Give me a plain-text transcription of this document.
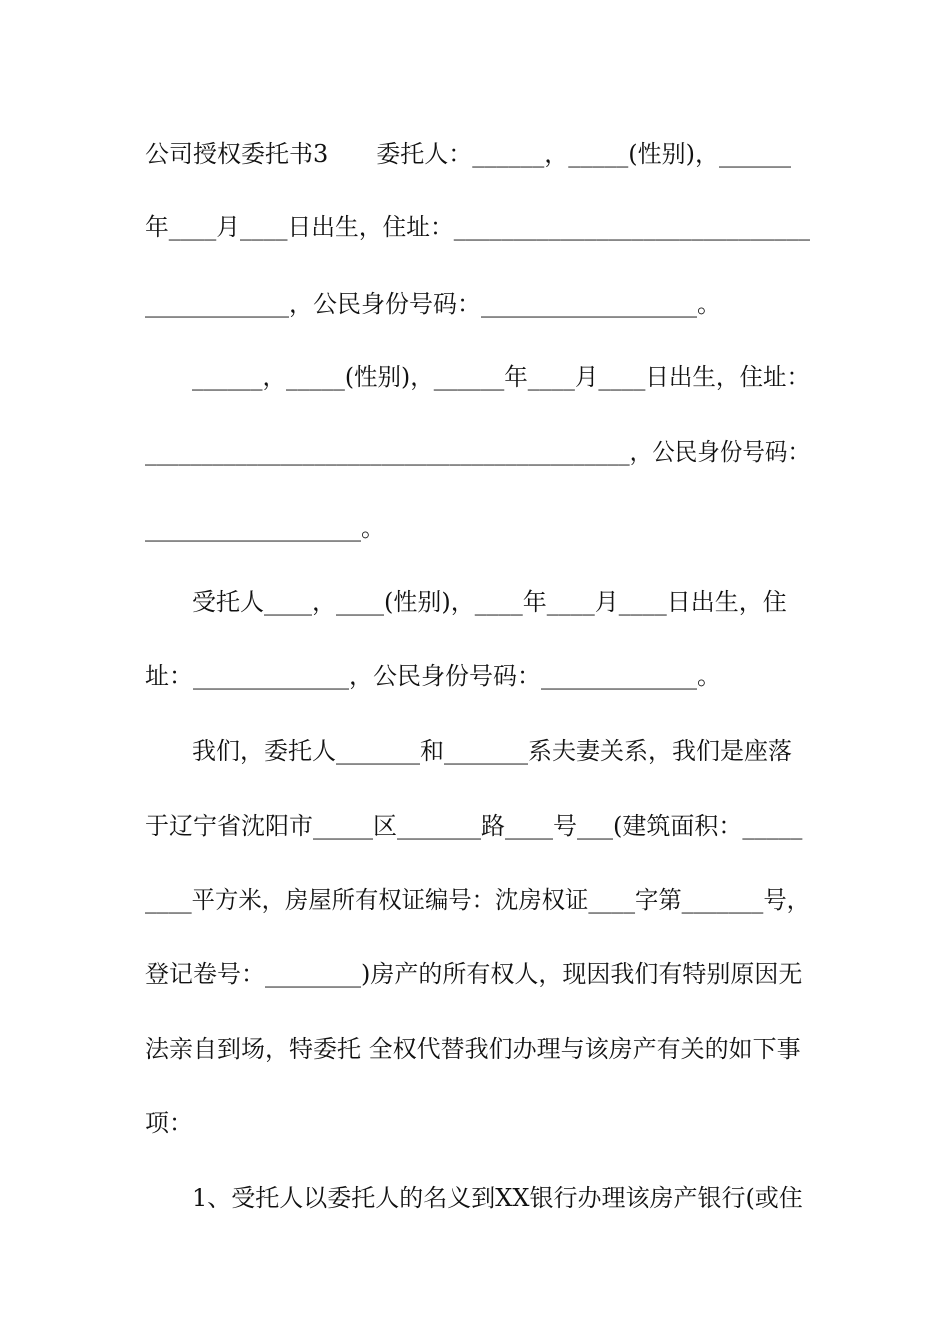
公司授权委托书3　　委托人：______，_____(性别)，______
年____月____日出生，住址：______________________________
____________，公民身份号码：__________________。
______，_____(性别)，______年____月____日出生，住址：
___________________________________________，公民身份号码：
__________________。
受托人____，____(性别)，____年____月____日出生，住
址：_____________，公民身份号码：_____________。
我们，委托人_______和_______系夫妻关系，我们是座落
于辽宁省沈阳市_____区_______路____号___(建筑面积：_____
____平方米，房屋所有权证编号：沈房权证____字第_______号，
登记卷号：________)房产的所有权人，现因我们有特别原因无
法亲自到场，特委托 全权代替我们办理与该房产有关的如下事
项：
1、受托人以委托人的名义到XX银行办理该房产银行(或住
